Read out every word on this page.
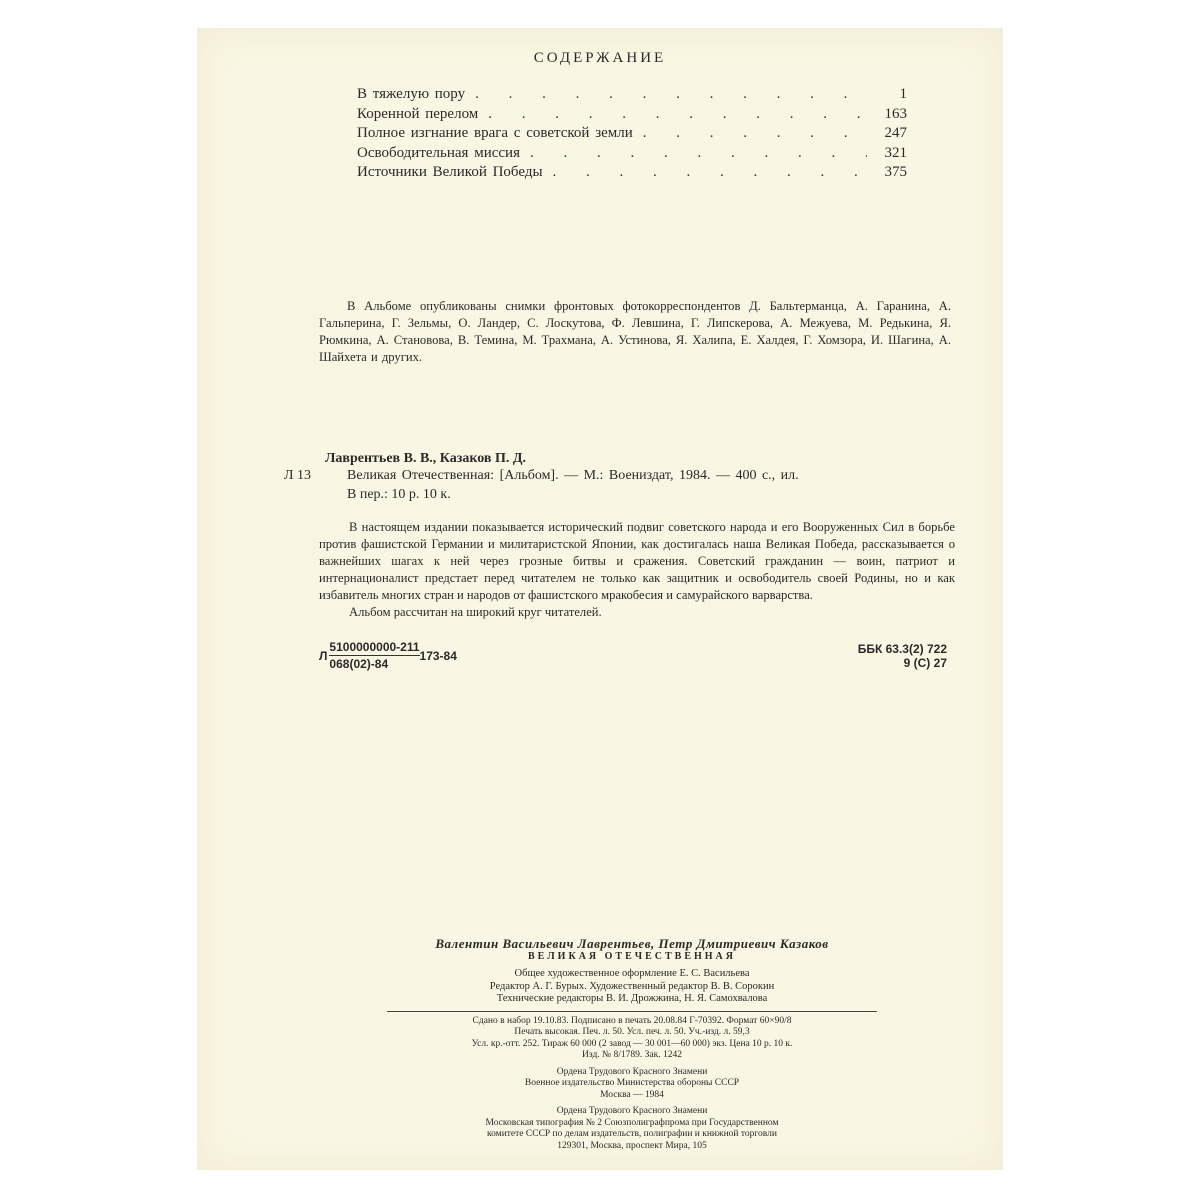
СОДЕРЖАНИЕ
В тяжелую пору . . .	1
Коренной перелом . . .	163
Полное изгнание врага с советской земли . . .	247
Освободительная миссия . . .	321
Источники Великой Победы . . .	375

В Альбоме опубликованы снимки фронтовых фотокорреспондентов Д. Бальтерманца, А. Гаранина, А. Гальперина, Г. Зельмы, О. Ландер, С. Лоскутова, Ф. Левшина, Г. Липскерова, А. Межуева, М. Редькина, Я. Рюмкина, А. Становова, В. Темина, М. Трахмана, А. Устинова, Я. Халипа, Е. Халдея, Г. Хомзора, И. Шагина, А. Шайхета и других.

Лаврентьев В. В., Казаков П. Д.
Л 13	Великая Отечественная: [Альбом]. — М.: Воениздат, 1984. — 400 с., ил.
В пер.: 10 р. 10 к.

В настоящем издании показывается исторический подвиг советского народа и его Вооруженных Сил в борьбе против фашистской Германии и милитаристской Японии, как достигалась наша Великая Победа, рассказывается о важнейших шагах к ней через грозные битвы и сражения. Советский гражданин — воин, патриот и интернационалист предстает перед читателем не только как защитник и освободитель своей Родины, но и как избавитель многих стран и народов от фашистского мракобесия и самурайского варварства.

Альбом рассчитан на широкий круг читателей.

Л $\frac{5100000000-211}{068(02)-84} 173-84$	ББК 63.3(2) 722
9 (С) 27
Валентин Васильевич Лаврентьев, Петр Дмитриевич Казаков
ВЕЛИКАЯ ОТЕЧЕСТВЕННАЯ
Общее художественное оформление Е. С. Васильева
Редактор А. Г. Бурых. Художественный редактор В. В. Сорокин
Технические редакторы В. И. Дрожжина, Н. Я. Самохвалова
Сдано в набор 19.10.83. Подписано в печать 20.08.84 Г-70392. Формат 60×90/8
Печать высокая. Печ. л. 50. Усл. печ. л. 50. Уч.-изд. л. 59,3
Усл. кр.-отт. 252. Тираж 60 000 (2 завод — 30 001—60 000) экз. Цена 10 р. 10 к.
Изд. № 8/1789. Зак. 1242
Ордена Трудового Красного Знамени
Военное издательство Министерства обороны СССР
Москва — 1984
Ордена Трудового Красного Знамени
Московская типография № 2 Союзполиграфпрома при Государственном
комитете СССР по делам издательств, полиграфии и книжной торговли
129301, Москва, проспект Мира, 105
